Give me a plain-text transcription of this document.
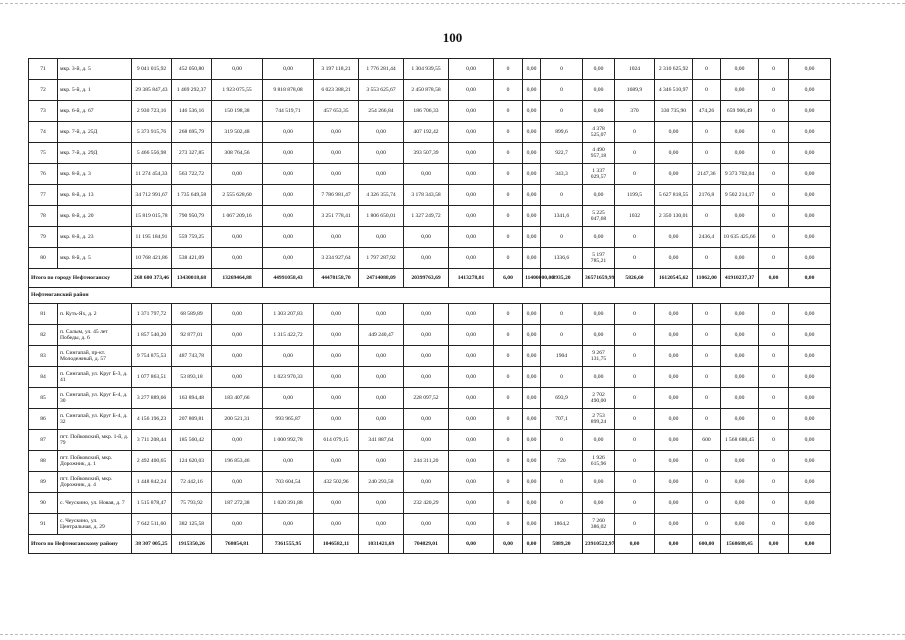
100
71	мкр. 3-й, д. 5	9 041 015,92	452 050,80	0,00	0,00	3 197 118,21	1 776 281,44	1 304 939,55	0,00	0	0,00	0	0,00	1024	2 310 625,92	0	0,00	0	0,00
72	мкр. 5-й, д. 1	29 385 847,43	1 469 292,37	1 923 075,55	9 818 878,08	6 023 388,21	3 553 625,67	2 450 878,58	0,00	0	0,00	0	0,00	1689,9	4 346 510,97	0	0,00	0	0,00
73	мкр. 6-й, д. 67	2 930 723,16	146 536,16	150 198,38	744 519,71	457 653,35	254 266,84	186 706,33	0,00	0	0,00	0	0,00	370	330 735,90	474,26	659 906,49	0	0,00
74	мкр. 7-й, д. 25Д	5 373 915,76	268 695,79	319 502,48	0,00	0,00	0,00	407 192,42	0,00	0	0,00	899,6	4 378 525,07	0	0,00	0	0,00	0	0,00
75	мкр. 7-й, д. 29Д	5 466 556,98	273 327,85	308 764,56	0,00	0,00	0,00	393 507,39	0,00	0	0,00	922,7	4 490 957,18	0	0,00	0	0,00	0	0,00
76	мкр. 8-й, д. 3	11 274 454,33	563 722,72	0,00	0,00	0,00	0,00	0,00	0,00	0	0,00	343,3	1 337 029,57	0	0,00	2147,36	9 373 702,04	0	0,00
77	мкр. 8-й, д. 13	34 712 991,67	1 735 649,58	2 555 628,60	0,00	7 786 981,47	4 326 355,74	3 178 343,58	0,00	0	0,00	0	0,00	1199,5	5 627 818,55	2176,8	9 502 214,17	0	0,00
78	мкр. 8-й, д. 20	15 819 015,78	790 950,79	1 067 209,16	0,00	3 251 778,41	1 806 650,01	1 327 249,72	0,00	0	0,00	1341,6	5 225 047,68	1032	2 350 130,01	0	0,00	0	0,00
79	мкр. 8-й, д. 23	11 195 184,91	559 759,25	0,00	0,00	0,00	0,00	0,00	0,00	0	0,00	0	0,00	0	0,00	2436,4	10 635 425,66	0	0,00
80	мкр. 8-й, д. 5	10 768 421,86	538 421,09	0,00	0,00	3 234 927,64	1 797 287,92	0,00	0,00	0	0,00	1336,6	5 197 785,21	0	0,00	0	0,00	0	0,00
Итого по городу Нефтеюганску		268 600 373,46	13430018,68	13269464,88	44991058,43	44470158,70	24714088,09	20399763,69	1413278,01	6,00	11400000,00	8935,20	36571659,99	5826,60	16120545,62	11062,00	41910237,37	0,00	0,00
Нефтеюганский район																			
81	п. Куть-Ях, д. 2	1 371 797,72	68 589,89	0,00	1 303 207,83	0,00	0,00	0,00	0,00	0	0,00	0	0,00	0	0,00	0	0,00	0	0,00
82	п. Салым, ул. 45 лет Победы, д. 6	1 857 540,20	92 877,01	0,00	1 315 422,72	0,00	449 240,47	0,00	0,00	0	0,00	0	0,00	0	0,00	0	0,00	0	0,00
83	п. Сингапай, пр-кт. Молодежный, д. 57	9 754 875,53	487 743,78	0,00	0,00	0,00	0,00	0,00	0,00	0	0,00	1904	9 267 131,75	0	0,00	0	0,00	0	0,00
84	п. Сингапай, ул. Круг Б-3, д. 41	1 077 863,51	53 893,18	0,00	1 023 970,33	0,00	0,00	0,00	0,00	0	0,00	0	0,00	0	0,00	0	0,00	0	0,00
85	п. Сингапай, ул. Круг Б-4, д. 30	3 277 889,66	163 894,48	183 407,66	0,00	0,00	0,00	228 097,52	0,00	0	0,00	693,9	2 702 490,00	0	0,00	0	0,00	0	0,00
86	п. Сингапай, ул. Круг Б-4, д. 32	4 156 196,23	207 809,81	200 521,31	993 965,87	0,00	0,00	0,00	0,00	0	0,00	707,1	2 753 899,24	0	0,00	0	0,00	0	0,00
87	пгт. Пойковский, мкр. 1-й, д. 79	3 711 208,44	185 560,42	0,00	1 000 992,78	614 079,15	341 887,64	0,00	0,00	0	0,00	0	0,00	0	0,00	600	1 568 688,45	0	0,00
88	пгт. Пойковский, мкр. Дорожник, д. 1	2 492 400,65	124 620,03	196 853,46	0,00	0,00	0,00	244 311,20	0,00	0	0,00	720	1 926 615,96	0	0,00	0	0,00	0	0,00
89	пгт. Пойковский, мкр. Дорожник, д. 4	1 448 842,24	72 442,16	0,00	703 604,54	432 502,96	240 293,58	0,00	0,00	0	0,00	0	0,00	0	0,00	0	0,00	0	0,00
90	с. Чеускино, ул. Новая, д. 7	1 515 878,47	75 793,92	187 272,38	1 020 391,88	0,00	0,00	232 420,29	0,00	0	0,00	0	0,00	0	0,00	0	0,00	0	0,00
91	с. Чеускино, ул. Центральная, д. 29	7 642 511,60	382 125,58	0,00	0,00	0,00	0,00	0,00	0,00	0	0,00	1864,2	7 260 386,02	0	0,00	0	0,00	0	0,00
Итого по Нефтеюганскому району		38 307 005,25	1915350,26	768054,81	7361555,95	1046582,11	1031421,69	704829,01	0,00	0,00	0,00	5889,20	23910522,97	0,00	0,00	600,00	1568688,45	0,00	0,00
